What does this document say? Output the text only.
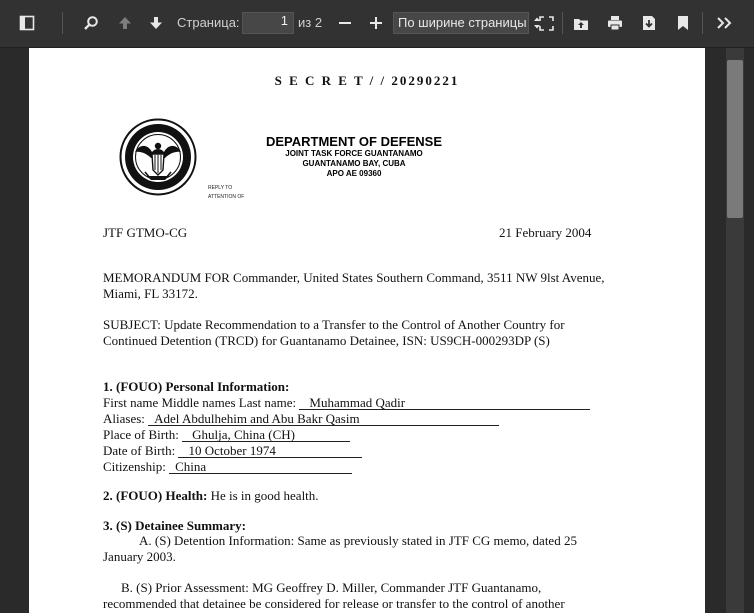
Страница:	1 из 2	По ширине страницы
S E C R E T / / 20290221
DEPARTMENT OF DEFENSE
JOINT TASK FORCE GUANTANAMO
GUANTANAMO BAY, CUBA
APO AE 09360
REPLY TO
ATTENTION OF
JTF GTMO-CG	21 February 2004
MEMORANDUM FOR Commander, United States Southern Command, 3511 NW 9lst Avenue,
Miami, FL 33172.
SUBJECT: Update Recommendation to a Transfer to the Control of Another Country for
Continued Detention (TRCD) for Guantanamo Detainee, ISN: US9CH-000293DP (S)
1. (FOUO) Personal Information:
First name Middle names Last name: Muhammad Qadir
Aliases: Adel Abdulhehim and Abu Bakr Qasim
Place of Birth: Ghulja, China (CH)
Date of Birth: 10 October 1974
Citizenship: China
2. (FOUO) Health: He is in good health.
3. (S) Detainee Summary:
A. (S) Detention Information: Same as previously stated in JTF CG memo, dated 25
January 2003.
B. (S) Prior Assessment: MG Geoffrey D. Miller, Commander JTF Guantanamo,
recommended that detainee be considered for release or transfer to the control of another
